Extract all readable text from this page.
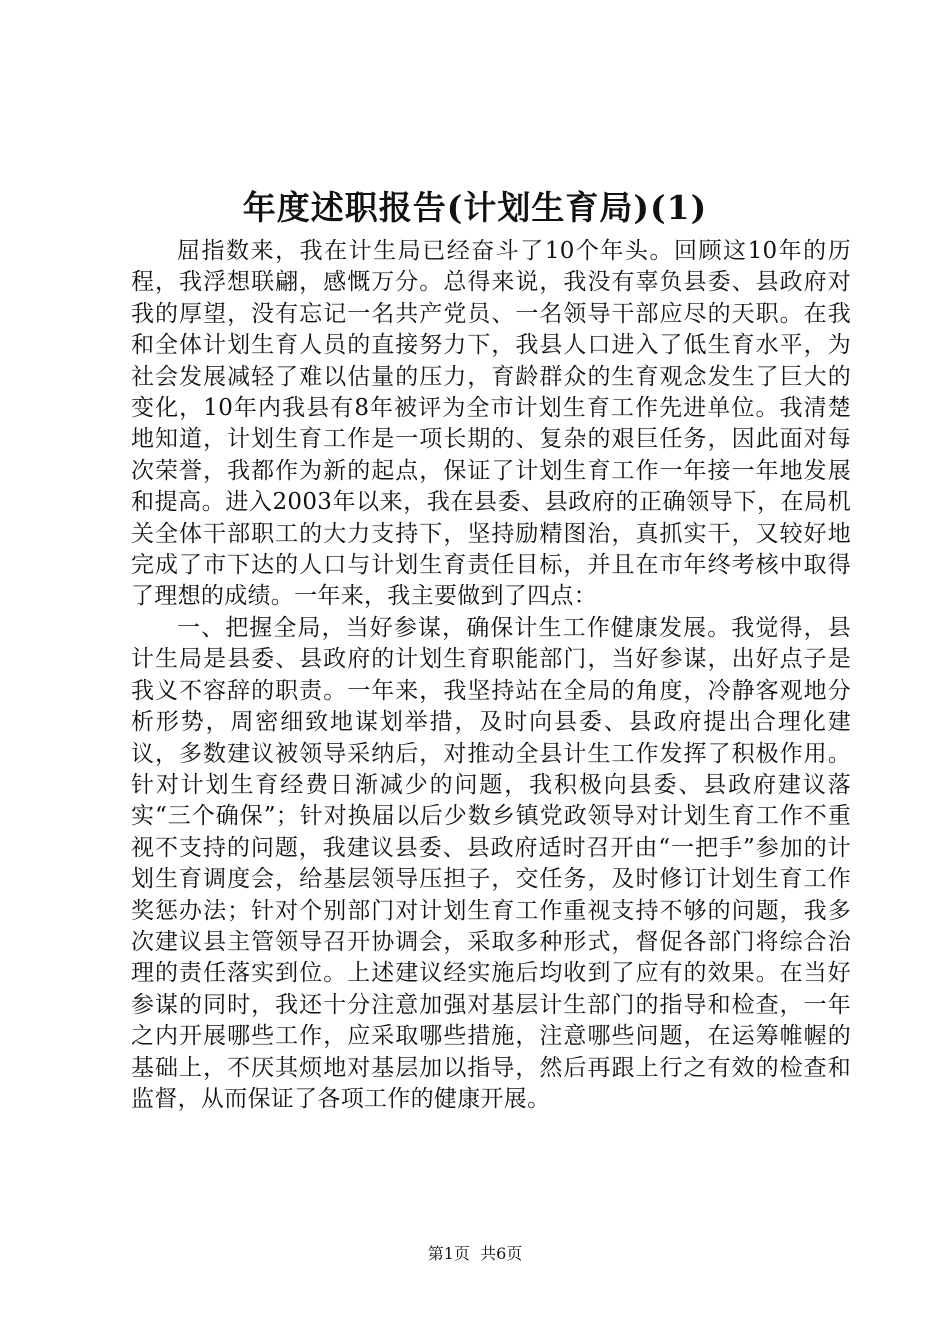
年度述职报告(计划生育局)(1)

屈指数来，我在计生局已经奋斗了10个年头。回顾这10年的历程，我浮想联翩，感慨万分。总得来说，我没有辜负县委、县政府对我的厚望，没有忘记一名共产党员、一名领导干部应尽的天职。在我和全体计划生育人员的直接努力下，我县人口进入了低生育水平，为社会发展减轻了难以估量的压力，育龄群众的生育观念发生了巨大的变化，10年内我县有8年被评为全市计划生育工作先进单位。我清楚地知道，计划生育工作是一项长期的、复杂的艰巨任务，因此面对每次荣誉，我都作为新的起点，保证了计划生育工作一年接一年地发展和提高。进入2003年以来，我在县委、县政府的正确领导下，在局机关全体干部职工的大力支持下，坚持励精图治，真抓实干，又较好地完成了市下达的人口与计划生育责任目标，并且在市年终考核中取得了理想的成绩。一年来，我主要做到了四点：

一、把握全局，当好参谋，确保计生工作健康发展。我觉得，县计生局是县委、县政府的计划生育职能部门，当好参谋，出好点子是我义不容辞的职责。一年来，我坚持站在全局的角度，冷静客观地分析形势，周密细致地谋划举措，及时向县委、县政府提出合理化建议，多数建议被领导采纳后，对推动全县计生工作发挥了积极作用。针对计划生育经费日渐减少的问题，我积极向县委、县政府建议落实“三个确保”；针对换届以后少数乡镇党政领导对计划生育工作不重视不支持的问题，我建议县委、县政府适时召开由“一把手”参加的计划生育调度会，给基层领导压担子，交任务，及时修订计划生育工作奖惩办法；针对个别部门对计划生育工作重视支持不够的问题，我多次建议县主管领导召开协调会，采取多种形式，督促各部门将综合治理的责任落实到位。上述建议经实施后均收到了应有的效果。在当好参谋的同时，我还十分注意加强对基层计生部门的指导和检查，一年之内开展哪些工作，应采取哪些措施，注意哪些问题，在运筹帷幄的基础上，不厌其烦地对基层加以指导，然后再跟上行之有效的检查和监督，从而保证了各项工作的健康开展。

第1页  共6页
